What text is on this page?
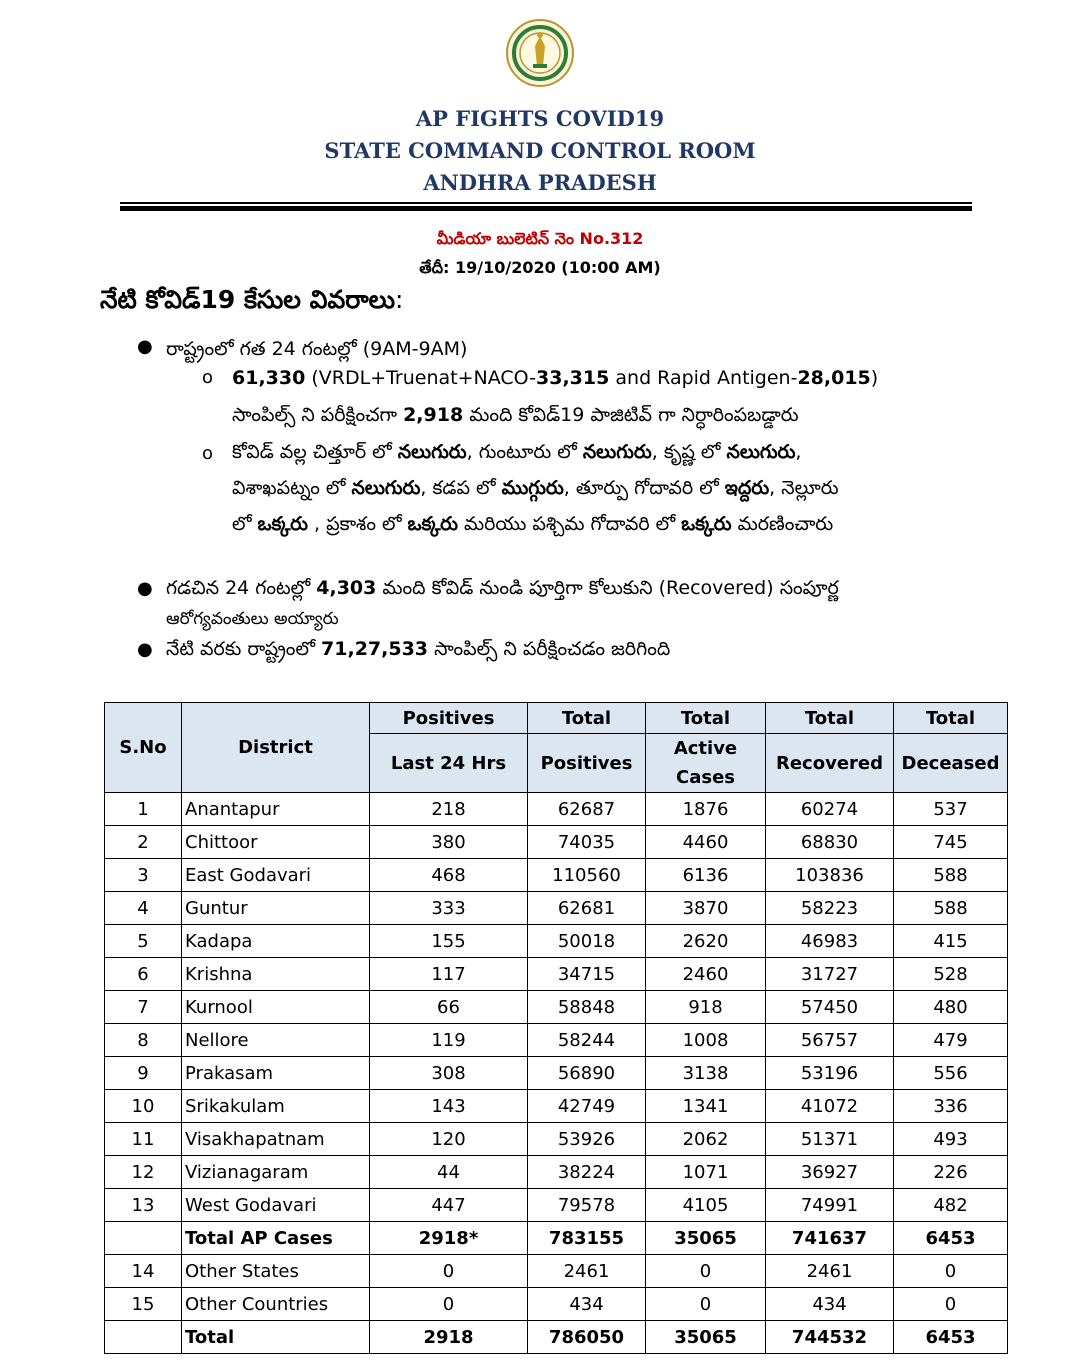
AP FIGHTS COVID19
STATE COMMAND CONTROL ROOM
ANDHRA PRADESH
మీడియా బులెటిన్ నెం No.312
తేదీ: 19/10/2020 (10:00 AM)
నేటి కోవిడ్19 కేసుల వివరాలు:
● రాష్ట్రంలో గత 24 గంటల్లో (9AM-9AM)
o 61,330 (VRDL+Truenat+NACO-33,315 and Rapid Antigen-28,015)
సాంపిల్స్ ని పరీక్షించగా 2,918 మంది కోవిడ్19 పాజిటివ్ గా నిర్ధారింపబడ్డారు
o కోవిడ్ వల్ల చిత్తూర్ లో నలుగురు, గుంటూరు లో నలుగురు, కృష్ణ లో నలుగురు,
విశాఖపట్నం లో నలుగురు, కడప లో ముగ్గురు, తూర్పు గోదావరి లో ఇద్దరు, నెల్లూరు
లో ఒక్కరు , ప్రకాశం లో ఒక్కరు మరియు పశ్చిమ గోదావరి లో ఒక్కరు మరణించారు
● గడచిన 24 గంటల్లో 4,303 మంది కోవిడ్ నుండి పూర్తిగా కోలుకుని (Recovered) సంపూర్ణ
ఆరోగ్యవంతులు అయ్యారు
● నేటి వరకు రాష్ట్రంలో 71,27,533 సాంపిల్స్ ని పరీక్షించడం జరిగింది
S.No	District	Positives	Total	Total	Total	Total
		Last 24 Hrs	Positives	Active Cases	Recovered	Deceased
1	Anantapur	218	62687	1876	60274	537
2	Chittoor	380	74035	4460	68830	745
3	East Godavari	468	110560	6136	103836	588
4	Guntur	333	62681	3870	58223	588
5	Kadapa	155	50018	2620	46983	415
6	Krishna	117	34715	2460	31727	528
7	Kurnool	66	58848	918	57450	480
8	Nellore	119	58244	1008	56757	479
9	Prakasam	308	56890	3138	53196	556
10	Srikakulam	143	42749	1341	41072	336
11	Visakhapatnam	120	53926	2062	51371	493
12	Vizianagaram	44	38224	1071	36927	226
13	West Godavari	447	79578	4105	74991	482
	Total AP Cases	2918*	783155	35065	741637	6453
14	Other States	0	2461	0	2461	0
15	Other Countries	0	434	0	434	0
	Total	2918	786050	35065	744532	6453
